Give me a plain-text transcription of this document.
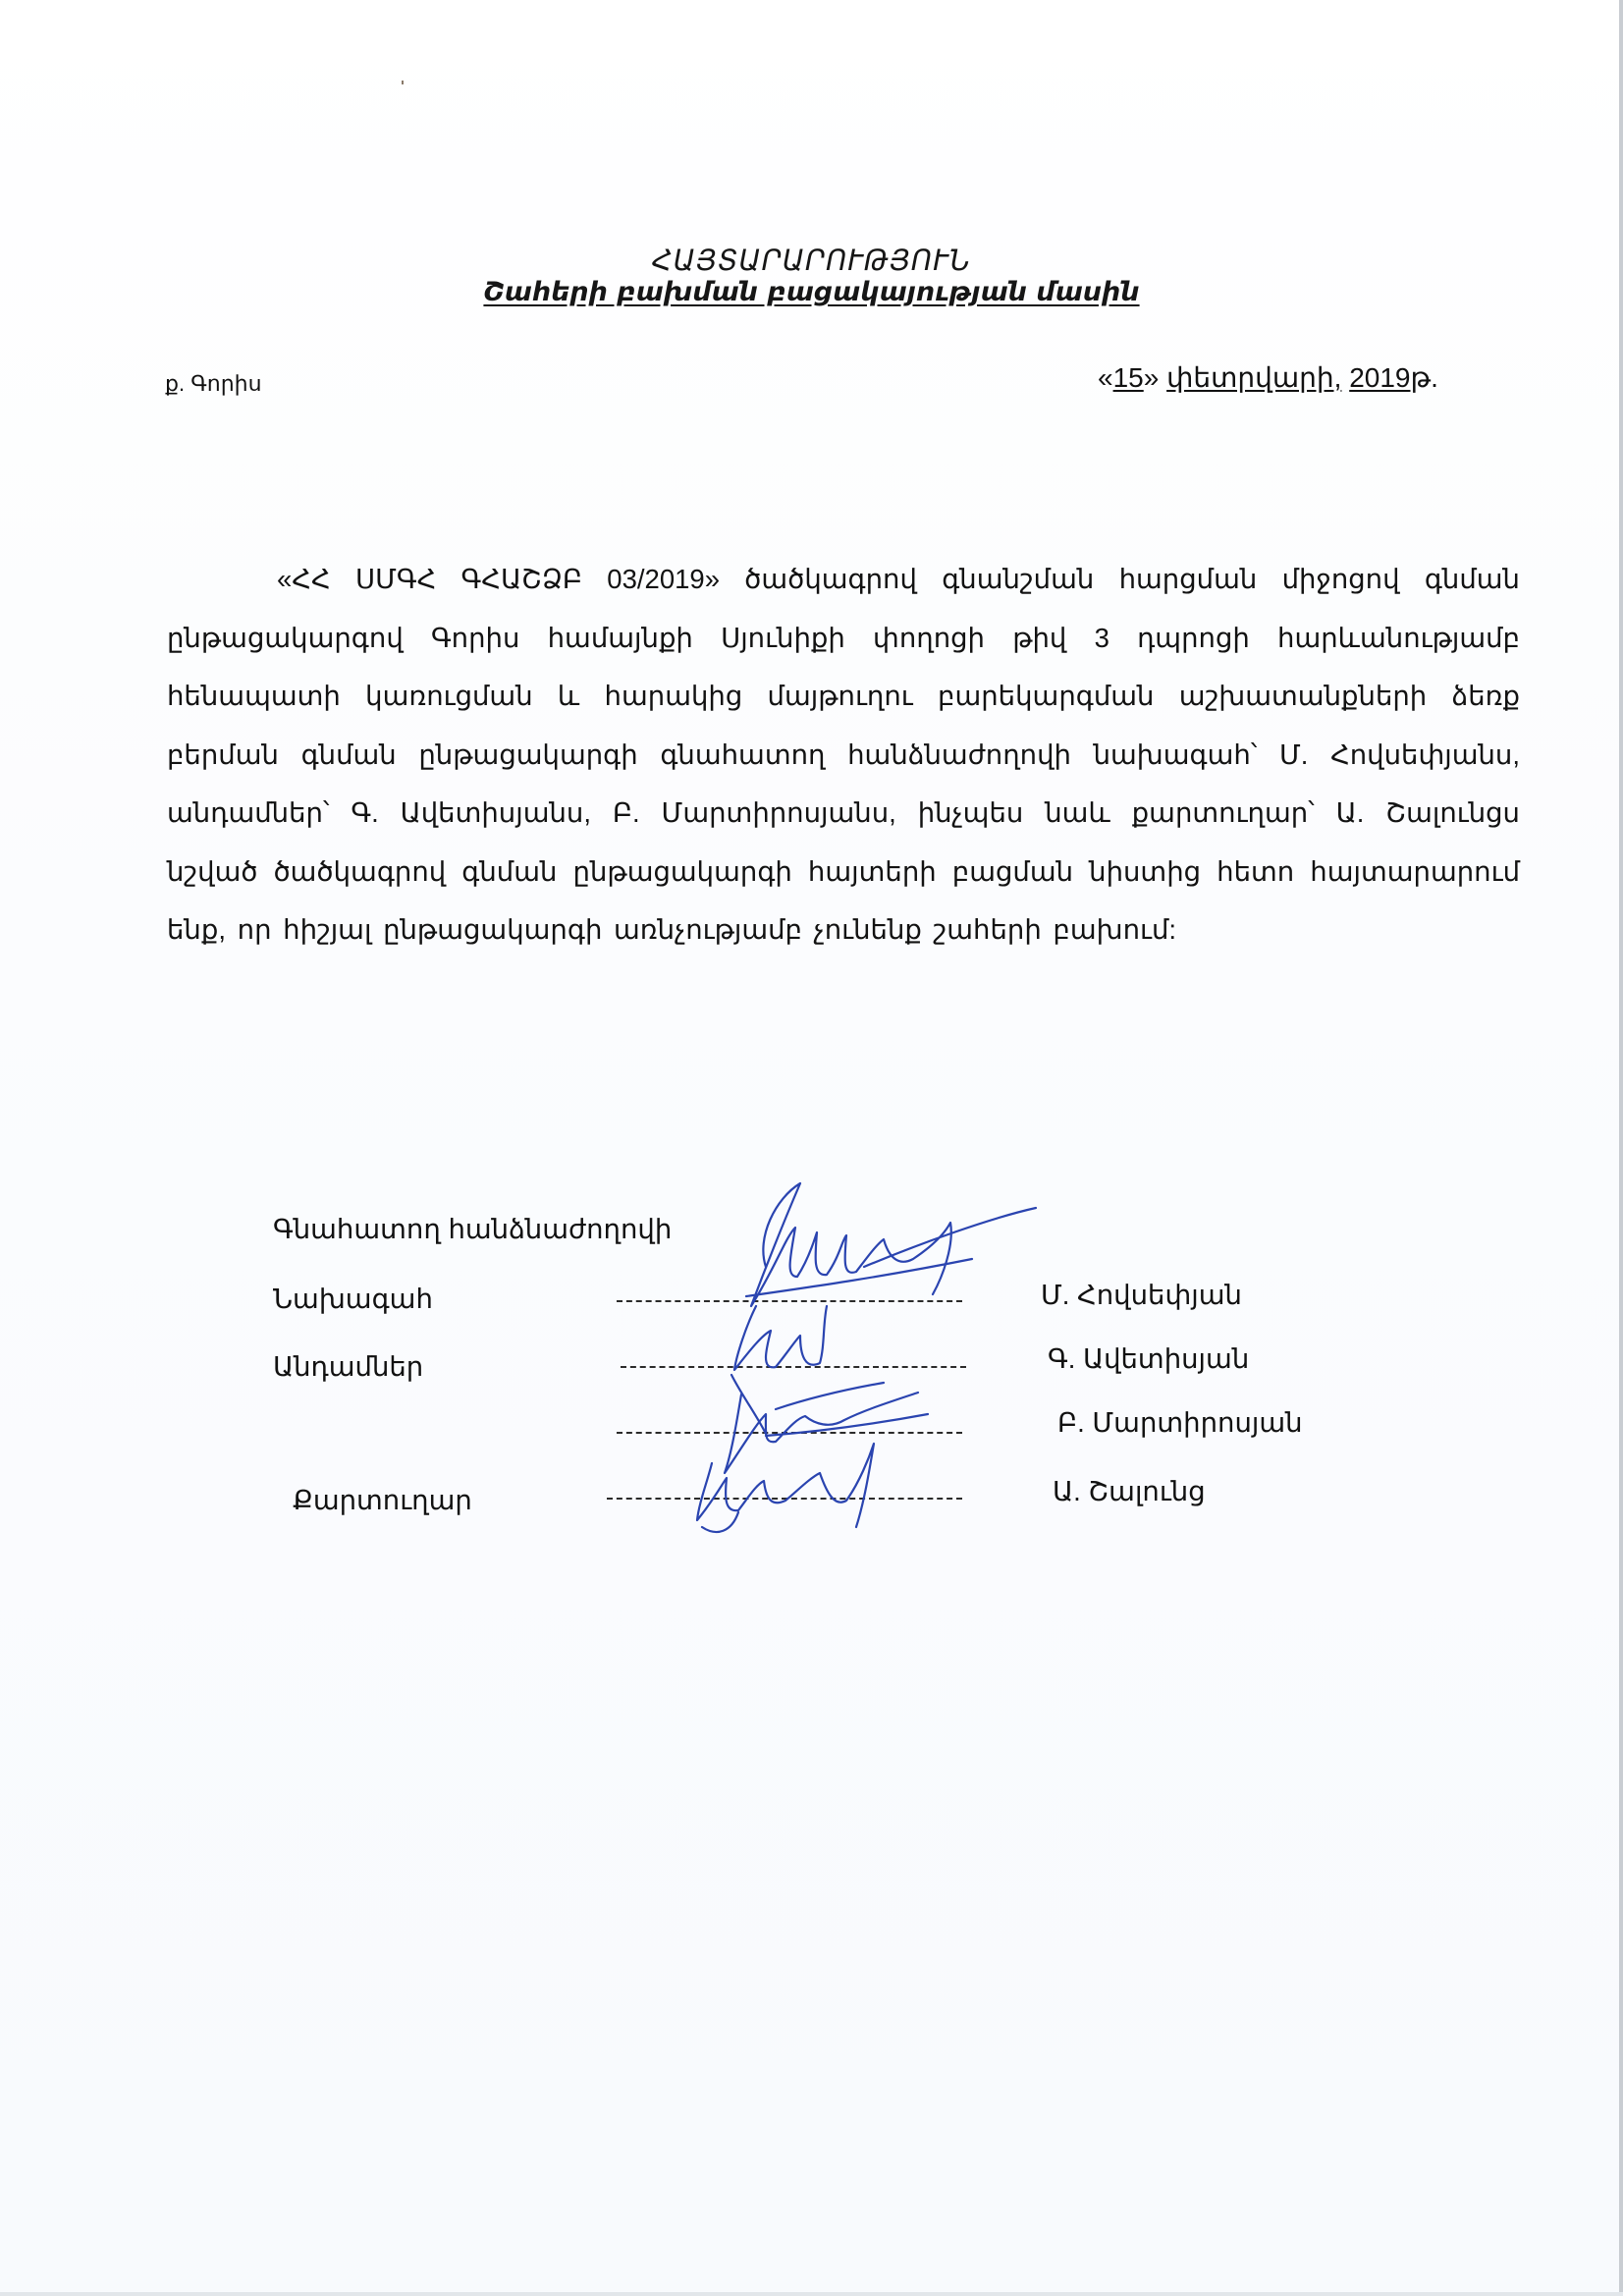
ՀԱՅՏԱՐԱՐՈՒԹՅՈՒՆ
Շահերի բախման բացակայության մասին
ք. Գորիս	«15» փետրվարի, 2019թ.
«ՀՀ ՍՄԳՀ ԳՀԱՇՁԲ 03/2019» ծածկագրով գնանշման հարցման միջոցով գնման ընթացակարգով Գորիս համայնքի Սյունիքի փողոցի թիվ 3 դպրոցի հարևանությամբ հենապատի կառուցման և հարակից մայթուղու բարեկարգման աշխատանքների ձեռք բերման գնման ընթացակարգի գնահատող հանձնաժողովի նախագահ՝ Մ. Հովսեփյանս, անդամներ՝ Գ. Ավետիսյանս, Բ. Մարտիրոսյանս, ինչպես նաև քարտուղար՝ Ա. Շալունցս նշված ծածկագրով գնման ընթացակարգի հայտերի բացման նիստից հետո հայտարարում ենք, որ հիշյալ ընթացակարգի առնչությամբ չունենք շահերի բախում:
Գնահատող հանձնաժողովի
Նախագահ	Մ. Հովսեփյան
Անդամներ	Գ. Ավետիսյան
Բ. Մարտիրոսյան
Քարտուղար	Ա. Շալունց
